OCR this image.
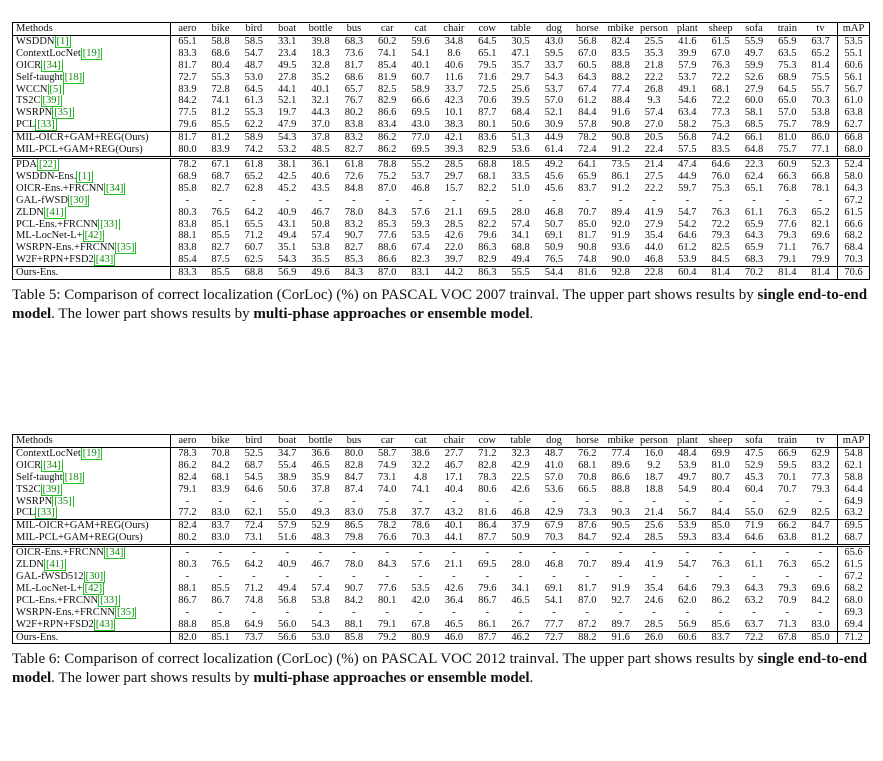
Methods	aero	bike	bird	boat	bottle	bus	car	cat	chair	cow	table	dog	horse	mbike	person	plant	sheep	sofa	train	tv	mAP
WSDDN [1]	65.1	58.8	58.5	33.1	39.8	68.3	60.2	59.6	34.8	64.5	30.5	43.0	56.8	82.4	25.5	41.6	61.5	55.9	65.9	63.7	53.5
ContextLocNet [19]	83.3	68.6	54.7	23.4	18.3	73.6	74.1	54.1	8.6	65.1	47.1	59.5	67.0	83.5	35.3	39.9	67.0	49.7	63.5	65.2	55.1
OICR [34]	81.7	80.4	48.7	49.5	32.8	81.7	85.4	40.1	40.6	79.5	35.7	33.7	60.5	88.8	21.8	57.9	76.3	59.9	75.3	81.4	60.6
Self-taught [18]	72.7	55.3	53.0	27.8	35.2	68.6	81.9	60.7	11.6	71.6	29.7	54.3	64.3	88.2	22.2	53.7	72.2	52.6	68.9	75.5	56.1
WCCN [5]	83.9	72.8	64.5	44.1	40.1	65.7	82.5	58.9	33.7	72.5	25.6	53.7	67.4	77.4	26.8	49.1	68.1	27.9	64.5	55.7	56.7
TS2C [39]	84.2	74.1	61.3	52.1	32.1	76.7	82.9	66.6	42.3	70.6	39.5	57.0	61.2	88.4	9.3	54.6	72.2	60.0	65.0	70.3	61.0
WSRPN [35]	77.5	81.2	55.3	19.7	44.3	80.2	86.6	69.5	10.1	87.7	68.4	52.1	84.4	91.6	57.4	63.4	77.3	58.1	57.0	53.8	63.8
PCL [33]	79.6	85.5	62.2	47.9	37.0	83.8	83.4	43.0	38.3	80.1	50.6	30.9	57.8	90.8	27.0	58.2	75.3	68.5	75.7	78.9	62.7
MIL-OICR+GAM+REG(Ours)	81.7	81.2	58.9	54.3	37.8	83.2	86.2	77.0	42.1	83.6	51.3	44.9	78.2	90.8	20.5	56.8	74.2	66.1	81.0	86.0	66.8
MIL-PCL+GAM+REG(Ours)	80.0	83.9	74.2	53.2	48.5	82.7	86.2	69.5	39.3	82.9	53.6	61.4	72.4	91.2	22.4	57.5	83.5	64.8	75.7	77.1	68.0
PDA [22]	78.2	67.1	61.8	38.1	36.1	61.8	78.8	55.2	28.5	68.8	18.5	49.2	64.1	73.5	21.4	47.4	64.6	22.3	60.9	52.3	52.4
WSDDN-Ens. [1]	68.9	68.7	65.2	42.5	40.6	72.6	75.2	53.7	29.7	68.1	33.5	45.6	65.9	86.1	27.5	44.9	76.0	62.4	66.3	66.8	58.0
OICR-Ens.+FRCNN [34]	85.8	82.7	62.8	45.2	43.5	84.8	87.0	46.8	15.7	82.2	51.0	45.6	83.7	91.2	22.2	59.7	75.3	65.1	76.8	78.1	64.3
GAL-fWSD [30]	-	-	-	-	-	-	-	-	-	-	-	-	-	-	-	-	-	-	-	-	67.2
ZLDN [41]	80.3	76.5	64.2	40.9	46.7	78.0	84.3	57.6	21.1	69.5	28.0	46.8	70.7	89.4	41.9	54.7	76.3	61.1	76.3	65.2	61.5
PCL-Ens.+FRCNN [33]	83.8	85.1	65.5	43.1	50.8	83.2	85.3	59.3	28.5	82.2	57.4	50.7	85.0	92.0	27.9	54.2	72.2	65.9	77.6	82.1	66.6
ML-LocNet-L+ [42]	88.1	85.5	71.2	49.4	57.4	90.7	77.6	53.5	42.6	79.6	34.1	69.1	81.7	91.9	35.4	64.6	79.3	64.3	79.3	69.6	68.2
WSRPN-Ens.+FRCNN [35]	83.8	82.7	60.7	35.1	53.8	82.7	88.6	67.4	22.0	86.3	68.8	50.9	90.8	93.6	44.0	61.2	82.5	65.9	71.1	76.7	68.4
W2F+RPN+FSD2 [43]	85.4	87.5	62.5	54.3	35.5	85.3	86.6	82.3	39.7	82.9	49.4	76.5	74.8	90.0	46.8	53.9	84.5	68.3	79.1	79.9	70.3
Ours-Ens.	83.3	85.5	68.8	56.9	49.6	84.3	87.0	83.1	44.2	86.3	55.5	54.4	81.6	92.8	22.8	60.4	81.4	70.2	81.4	81.4	70.6
Table 5: Comparison of correct localization (CorLoc) (%) on PASCAL VOC 2007 trainval. The upper part shows results by single end-to-end model. The lower part shows results by multi-phase approaches or ensemble model.
Methods	aero	bike	bird	boat	bottle	bus	car	cat	chair	cow	table	dog	horse	mbike	person	plant	sheep	sofa	train	tv	mAP
ContextLocNet [19]	78.3	70.8	52.5	34.7	36.6	80.0	58.7	38.6	27.7	71.2	32.3	48.7	76.2	77.4	16.0	48.4	69.9	47.5	66.9	62.9	54.8
OICR [34]	86.2	84.2	68.7	55.4	46.5	82.8	74.9	32.2	46.7	82.8	42.9	41.0	68.1	89.6	9.2	53.9	81.0	52.9	59.5	83.2	62.1
Self-taught [18]	82.4	68.1	54.5	38.9	35.9	84.7	73.1	4.8	17.1	78.3	22.5	57.0	70.8	86.6	18.7	49.7	80.7	45.3	70.1	77.3	58.8
TS2C [39]	79.1	83.9	64.6	50.6	37.8	87.4	74.0	74.1	40.4	80.6	42.6	53.6	66.5	88.8	18.8	54.9	80.4	60.4	70.7	79.3	64.4
WSRPN [35]	-	-	-	-	-	-	-	-	-	-	-	-	-	-	-	-	-	-	-	-	64.9
PCL [33]	77.2	83.0	62.1	55.0	49.3	83.0	75.8	37.7	43.2	81.6	46.8	42.9	73.3	90.3	21.4	56.7	84.4	55.0	62.9	82.5	63.2
MIL-OICR+GAM+REG(Ours)	82.4	83.7	72.4	57.9	52.9	86.5	78.2	78.6	40.1	86.4	37.9	67.9	87.6	90.5	25.6	53.9	85.0	71.9	66.2	84.7	69.5
MIL-PCL+GAM+REG(Ours)	80.2	83.0	73.1	51.6	48.3	79.8	76.6	70.3	44.1	87.7	50.9	70.3	84.7	92.4	28.5	59.3	83.4	64.6	63.8	81.2	68.7
OICR-Ens.+FRCNN [34]	-	-	-	-	-	-	-	-	-	-	-	-	-	-	-	-	-	-	-	-	65.6
ZLDN [41]	80.3	76.5	64.2	40.9	46.7	78.0	84.3	57.6	21.1	69.5	28.0	46.8	70.7	89.4	41.9	54.7	76.3	61.1	76.3	65.2	61.5
GAL-fWSD512 [30]	-	-	-	-	-	-	-	-	-	-	-	-	-	-	-	-	-	-	-	-	67.2
ML-LocNet-L+ [42]	88.1	85.5	71.2	49.4	57.4	90.7	77.6	53.5	42.6	79.6	34.1	69.1	81.7	91.9	35.4	64.6	79.3	64.3	79.3	69.6	68.2
PCL-Ens.+FRCNN [33]	86.7	86.7	74.8	56.8	53.8	84.2	80.1	42.0	36.4	86.7	46.5	54.1	87.0	92.7	24.6	62.0	86.2	63.2	70.9	84.2	68.0
WSRPN-Ens.+FRCNN [35]	-	-	-	-	-	-	-	-	-	-	-	-	-	-	-	-	-	-	-	-	69.3
W2F+RPN+FSD2 [43]	88.8	85.8	64.9	56.0	54.3	88.1	79.1	67.8	46.5	86.1	26.7	77.7	87.2	89.7	28.5	56.9	85.6	63.7	71.3	83.0	69.4
Ours-Ens.	82.0	85.1	73.7	56.6	53.0	85.8	79.2	80.9	46.0	87.7	46.2	72.7	88.2	91.6	26.0	60.6	83.7	72.2	67.8	85.0	71.2
Table 6: Comparison of correct localization (CorLoc) (%) on PASCAL VOC 2012 trainval. The upper part shows results by single end-to-end model. The lower part shows results by multi-phase approaches or ensemble model.
